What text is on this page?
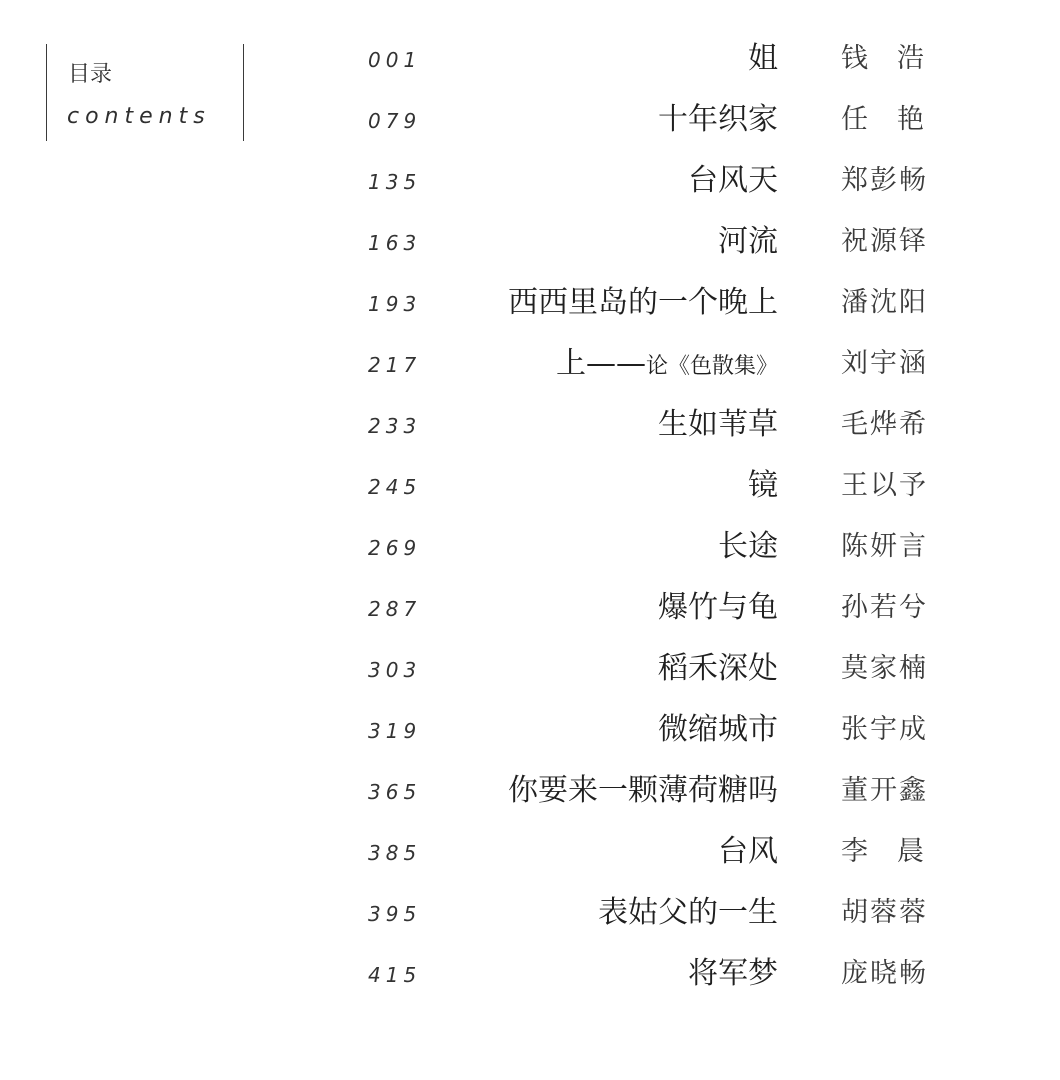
目录
contents
001	姐 钱浩
079	十年织家 任艳
135	台风天 郑彭畅
163	河流 祝源铎
193	西西里岛的一个晚上 潘沈阳
217	上——论《色散集》 刘宇涵
233	生如苇草 毛烨希
245	镜 王以予
269	长途 陈妍言
287	爆竹与龟 孙若兮
303	稻禾深处 莫家楠
319	微缩城市 张宇成
365	你要来一颗薄荷糖吗 董开鑫
385	台风 李晨
395	表姑父的一生 胡蓉蓉
415	将军梦 庞晓畅
